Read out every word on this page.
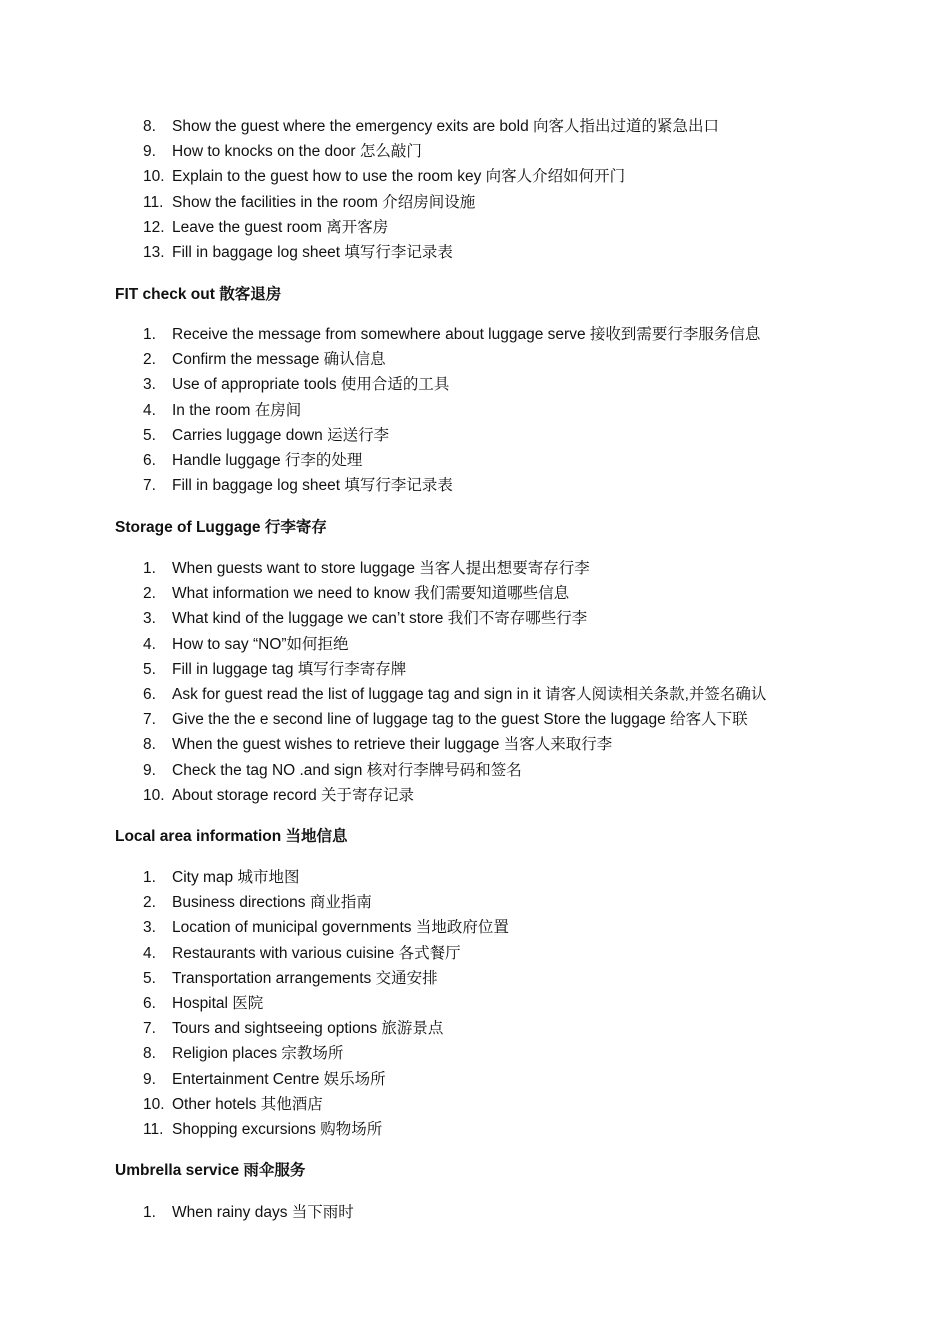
8. Show the guest where the emergency exits are bold 向客人指出过道的紧急出口
9. How to knocks on the door 怎么敲门
10. Explain to the guest how to use the room key 向客人介绍如何开门
11. Show the facilities in the room 介绍房间设施
12. Leave the guest room 离开客房
13. Fill in baggage log sheet 填写行李记录表
FIT check out 散客退房
1. Receive the message from somewhere about luggage serve 接收到需要行李服务信息
2. Confirm the message 确认信息
3. Use of appropriate tools 使用合适的工具
4. In the room 在房间
5. Carries luggage down 运送行李
6. Handle luggage 行李的处理
7. Fill in baggage log sheet 填写行李记录表
Storage of Luggage 行李寄存
1. When guests want to store luggage 当客人提出想要寄存行李
2. What information we need to know 我们需要知道哪些信息
3. What kind of the luggage we can’t store 我们不寄存哪些行李
4. How to say “NO”如何拒绝
5. Fill in luggage tag 填写行李寄存牌
6. Ask for guest read the list of luggage tag and sign in it 请客人阅读相关条款,并签名确认
7. Give the the e second line of luggage tag to the guest Store the luggage 给客人下联
8. When the guest wishes to retrieve their luggage 当客人来取行李
9. Check the tag NO .and sign 核对行李牌号码和签名
10. About storage record 关于寄存记录
Local area information 当地信息
1. City map 城市地图
2. Business directions 商业指南
3. Location of municipal governments 当地政府位置
4. Restaurants with various cuisine 各式餐厅
5. Transportation arrangements 交通安排
6. Hospital 医院
7. Tours and sightseeing options 旅游景点
8. Religion places 宗教场所
9. Entertainment Centre 娱乐场所
10. Other hotels 其他酒店
11. Shopping excursions 购物场所
Umbrella service 雨伞服务
1. When rainy days 当下雨时
